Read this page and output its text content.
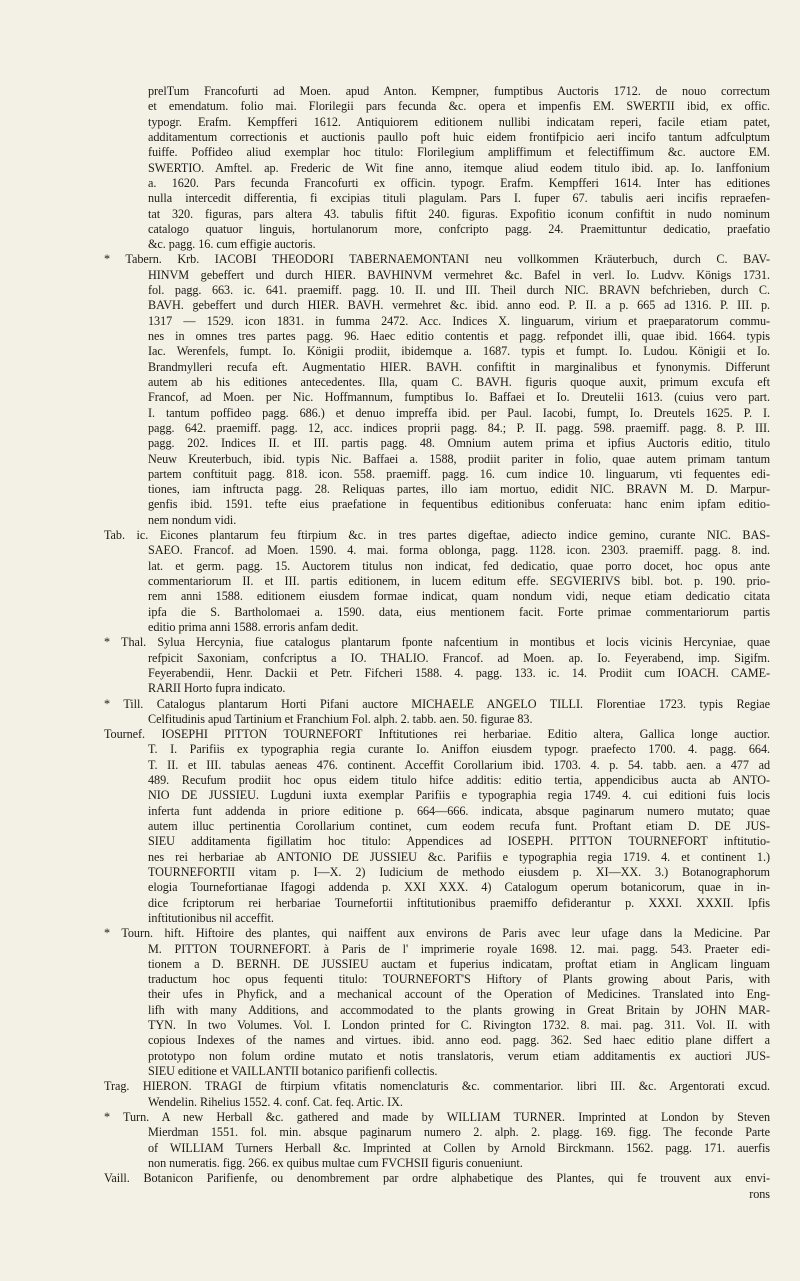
prelTum Francofurti ad Moen. apud Anton. Kempner, fumptibus Auctoris 1712. de nouo correctum
et emendatum. folio mai. Florilegii pars fecunda &c. opera et impenfis EM. SWERTII ibid, ex offic.
typogr. Erafm. Kempfferi 1612. Antiquiorem editionem nullibi indicatam reperi, facile etiam patet,
additamentum correctionis et auctionis paullo poft huic eidem frontifpicio aeri incifo tantum adfculptum
fuiffe. Poffideo aliud exemplar hoc titulo: Florilegium ampliffimum et felectiffimum &c. auctore EM.
SWERTIO. Amftel. ap. Frederic de Wit fine anno, itemque aliud eodem titulo ibid. ap. Io. Ianffonium
a. 1620. Pars fecunda Francofurti ex officin. typogr. Erafm. Kempfferi 1614. Inter has editiones
nulla intercedit differentia, fi excipias tituli plagulam. Pars I. fuper 67. tabulis aeri incifis repraefen-
tat 320. figuras, pars altera 43. tabulis fiftit 240. figuras. Expofitio iconum confiftit in nudo nominum
catalogo quatuor linguis, hortulanorum more, confcripto pagg. 24. Praemittuntur dedicatio, praefatio
&c. pagg. 16. cum effigie auctoris.
* Tabern. Krb. IACOBI THEODORI TABERNAEMONTANI neu vollkommen Kräuterbuch, durch C. BAV-
HINVM gebeffert und durch HIER. BAVHINVM vermehret &c. Bafel in verl. Io. Ludvv. Königs 1731.
fol. pagg. 663. ic. 641. praemiff. pagg. 10. II. und III. Theil durch NIC. BRAVN befchrieben, durch C.
BAVH. gebeffert und durch HIER. BAVH. vermehret &c. ibid. anno eod. P. II. a p. 665 ad 1316. P. III. p.
1317 — 1529. icon 1831. in fumma 2472. Acc. Indices X. linguarum, virium et praeparatorum commu-
nes in omnes tres partes pagg. 96. Haec editio contentis et pagg. refpondet illi, quae ibid. 1664. typis
Iac. Werenfels, fumpt. Io. Königii prodiit, ibidemque a. 1687. typis et fumpt. Io. Ludou. Königii et Io.
Brandmylleri recufa eft. Augmentatio HIER. BAVH. confiftit in marginalibus et fynonymis. Differunt
autem ab his editiones antecedentes. Illa, quam C. BAVH. figuris quoque auxit, primum excufa eft
Francof, ad Moen. per Nic. Hoffmannum, fumptibus Io. Baffaei et Io. Dreutelii 1613. (cuius vero part.
I. tantum poffideo pagg. 686.) et denuo impreffa ibid. per Paul. Iacobi, fumpt, Io. Dreutels 1625. P. I.
pagg. 642. praemiff. pagg. 12, acc. indices proprii pagg. 84.; P. II. pagg. 598. praemiff. pagg. 8. P. III.
pagg. 202. Indices II. et III. partis pagg. 48. Omnium autem prima et ipfius Auctoris editio, titulo
Neuw Kreuterbuch, ibid. typis Nic. Baffaei a. 1588, prodiit pariter in folio, quae autem primam tantum
partem conftituit pagg. 818. icon. 558. praemiff. pagg. 16. cum indice 10. linguarum, vti fequentes edi-
tiones, iam inftructa pagg. 28. Reliquas partes, illo iam mortuo, edidit NIC. BRAVN M. D. Marpur-
genfis ibid. 1591. tefte eius praefatione in fequentibus editionibus conferuata: hanc enim ipfam editio-
nem nondum vidi.
Tab. ic. Eicones plantarum feu ftirpium &c. in tres partes digeftae, adiecto indice gemino, curante NIC. BAS-
SAEO. Francof. ad Moen. 1590. 4. mai. forma oblonga, pagg. 1128. icon. 2303. praemiff. pagg. 8. ind.
lat. et germ. pagg. 15. Auctorem titulus non indicat, fed dedicatio, quae porro docet, hoc opus ante
commentariorum II. et III. partis editionem, in lucem editum effe. SEGVIERIVS bibl. bot. p. 190. prio-
rem anni 1588. editionem eiusdem formae indicat, quam nondum vidi, neque etiam dedicatio citata
ipfa die S. Bartholomaei a. 1590. data, eius mentionem facit. Forte primae commentariorum partis
editio prima anni 1588. erroris anfam dedit.
* Thal. Sylua Hercynia, fiue catalogus plantarum fponte nafcentium in montibus et locis vicinis Hercyniae, quae
refpicit Saxoniam, confcriptus a IO. THALIO. Francof. ad Moen. ap. Io. Feyerabend, imp. Sigifm.
Feyerabendii, Henr. Dackii et Petr. Fifcheri 1588. 4. pagg. 133. ic. 14. Prodiit cum IOACH. CAME-
RARII Horto fupra indicato.
* Till. Catalogus plantarum Horti Pifani auctore MICHAELE ANGELO TILLI. Florentiae 1723. typis Regiae
Celfitudinis apud Tartinium et Franchium Fol. alph. 2. tabb. aen. 50. figurae 83.
Tournef. IOSEPHI PITTON TOURNEFORT Inftitutiones rei herbariae. Editio altera, Gallica longe auctior.
T. I. Parifiis ex typographia regia curante Io. Aniffon eiusdem typogr. praefecto 1700. 4. pagg. 664.
T. II. et III. tabulas aeneas 476. continent. Acceffit Corollarium ibid. 1703. 4. p. 54. tabb. aen. a 477 ad
489. Recufum prodiit hoc opus eidem titulo hifce additis: editio tertia, appendicibus aucta ab ANTO-
NIO DE JUSSIEU. Lugduni iuxta exemplar Parifiis e typographia regia 1749. 4. cui editioni fuis locis
inferta funt addenda in priore editione p. 664—666. indicata, absque paginarum numero mutato; quae
autem illuc pertinentia Corollarium continet, cum eodem recufa funt. Proftant etiam D. DE JUS-
SIEU additamenta figillatim hoc titulo: Appendices ad IOSEPH. PITTON TOURNEFORT inftitutio-
nes rei herbariae ab ANTONIO DE JUSSIEU &c. Parifiis e typographia regia 1719. 4. et continent 1.)
TOURNEFORTII vitam p. I—X. 2) Iudicium de methodo eiusdem p. XI—XX. 3.) Botanographorum
elogia Tournefortianae Ifagogi addenda p. XXI XXX. 4) Catalogum operum botanicorum, quae in in-
dice fcriptorum rei herbariae Tournefortii inftitutionibus praemiffo defiderantur p. XXXI. XXXII. Ipfis
inftitutionibus nil acceffit.
* Tourn. hift. Hiftoire des plantes, qui naiffent aux environs de Paris avec leur ufage dans la Medicine. Par
M. PITTON TOURNEFORT. à Paris de l' imprimerie royale 1698. 12. mai. pagg. 543. Praeter edi-
tionem a D. BERNH. DE JUSSIEU auctam et fuperius indicatam, proftat etiam in Anglicam linguam
traductum hoc opus fequenti titulo: TOURNEFORT'S Hiftory of Plants growing about Paris, with
their ufes in Phyfick, and a mechanical account of the Operation of Medicines. Translated into Eng-
lifh with many Additions, and accommodated to the plants growing in Great Britain by JOHN MAR-
TYN. In two Volumes. Vol. I. London printed for C. Rivington 1732. 8. mai. pag. 311. Vol. II. with
copious Indexes of the names and virtues. ibid. anno eod. pagg. 362. Sed haec editio plane differt a
prototypo non folum ordine mutato et notis translatoris, verum etiam additamentis ex auctiori JUS-
SIEU editione et VAILLANTII botanico parifienfi collectis.
Trag. HIERON. TRAGI de ftirpium vfitatis nomenclaturis &c. commentarior. libri III. &c. Argentorati excud.
Wendelin. Rihelius 1552. 4. conf. Cat. feq. Artic. IX.
* Turn. A new Herball &c. gathered and made by WILLIAM TURNER. Imprinted at London by Steven
Mierdman 1551. fol. min. absque paginarum numero 2. alph. 2. plagg. 169. figg. The feconde Parte
of WILLIAM Turners Herball &c. Imprinted at Collen by Arnold Birckmann. 1562. pagg. 171. auerfis
non numeratis. figg. 266. ex quibus multae cum FVCHSII figuris conueniunt.
Vaill. Botanicon Parifienfe, ou denombrement par ordre alphabetique des Plantes, qui fe trouvent aux envi-
rons
